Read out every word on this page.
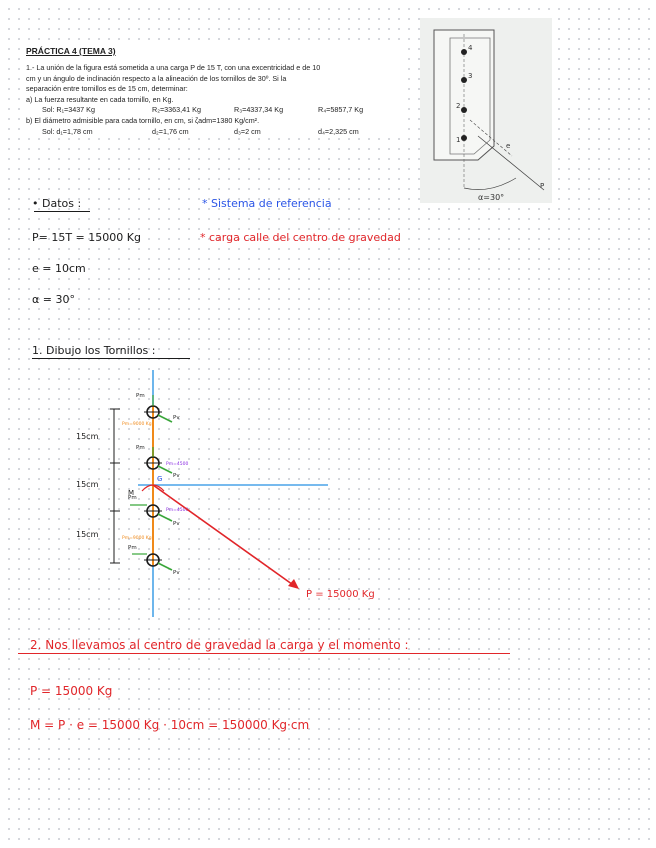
PRÁCTICA 4 (TEMA 3)
1.- La unión de la figura está sometida a una carga P de 15 T, con una excentricidad e de 10
cm y un ángulo de inclinación respecto a la alineación de los tornillos de 30º. Si la
separación entre tornillos es de 15 cm, determinar:
a) La fuerza resultante en cada tornillo, en Kg.
Sol: R₁=3437 Kg	R₂=3363,41 Kg	R₃=4337,34 Kg	R₄=5857,7 Kg
b) El diámetro admisible para cada tornillo, en cm, si ζadm=1380 Kg/cm².
Sol: d₁=1,78 cm	d₂=1,76 cm	d₃=2 cm	d₄=2,325 cm
4
3
2
1
e
P
α=30°
• Datos :	* Sistema de referencia
P= 15T = 15000 Kg	* carga calle del centro de gravedad
e = 10cm
α = 30°
1. Dibujo los Tornillos :
15cm
15cm
15cm
Pm
Pv
Pm
Pv
Pm
Pv
Pm
Pv
Pm=9000 Kg
Pm=4500
Pm=4500
Pm=9000 Kg
G
M
P = 15000 Kg
2. Nos llevamos al centro de gravedad la carga y el momento :
P = 15000 Kg
M = P · e = 15000 Kg · 10cm = 150000 Kg·cm
